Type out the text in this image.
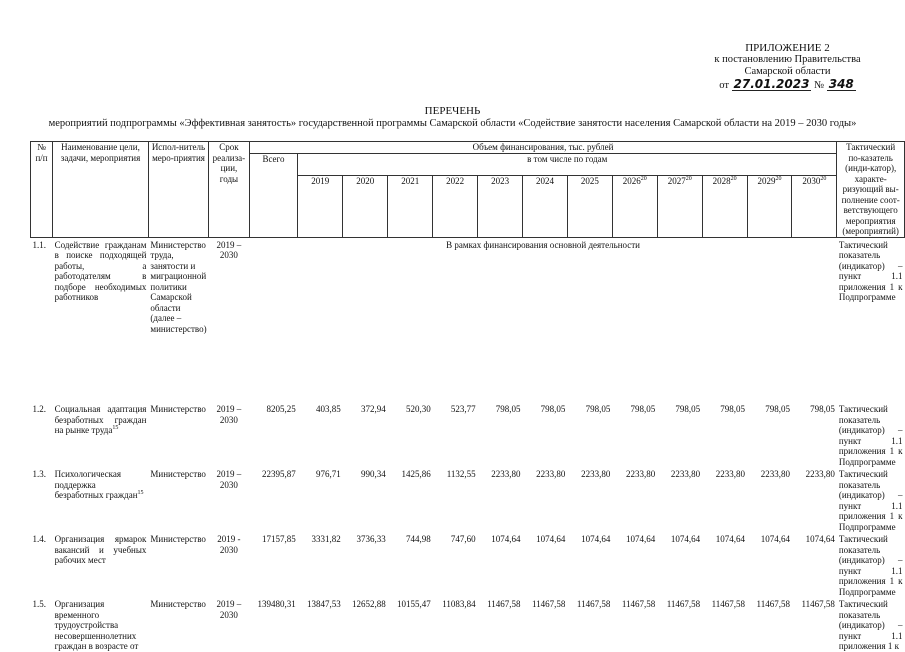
ПРИЛОЖЕНИЕ 2
к постановлению Правительства
Самарской области
от 27.01.2023 № 348
ПЕРЕЧЕНЬ
мероприятий подпрограммы «Эффективная занятость» государственной программы Самарской области «Содействие занятости населения Самарской области на 2019 – 2030 годы»
№ п/п	Наименование цели, задачи, мероприятия	Испол-нитель меро-приятия	Срок реализа-ции, годы	Объем финансирования, тыс. рублей													Тактический по-казатель (инди-катор), характе-ризующий вы-полнение соот-ветствующего мероприятия (мероприятий)
				Всего	в том числе по годам												
					2019	2020	2021	2022	2023	2024	2025	2026$^{20}$	2027$^{20}$	2028$^{20}$	2029$^{20}$	2030$^{20}$
1.1.	Содействие гражданам в поиске подходящей работы, а работодателям в подборе необходимых работников	Министерство труда, занятости и миграционной политики Самарской области (далее – министерство)	2019 – 2030	В рамках финансирования основной деятельности													Тактический показатель (индикатор) – пункт 1.1 приложения 1 к Подпрограмме
1.2.	Социальная адаптация безработных граждан на рынке труда$^{15}$	Министерство	2019 – 2030	8205,25	403,85	372,94	520,30	523,77	798,05	798,05	798,05	798,05	798,05	798,05	798,05	798,05	Тактический показатель (индикатор) – пункт 1.1 приложения 1 к Подпрограмме
1.3.	Психологическая поддержка безработных граждан$^{15}$	Министерство	2019 – 2030	22395,87	976,71	990,34	1425,86	1132,55	2233,80	2233,80	2233,80	2233,80	2233,80	2233,80	2233,80	2233,80	Тактический показатель (индикатор) – пункт 1.1 приложения 1 к Подпрограмме
1.4.	Организация ярмарок вакансий и учебных рабочих мест	Министерство	2019 - 2030	17157,85	3331,82	3736,33	744,98	747,60	1074,64	1074,64	1074,64	1074,64	1074,64	1074,64	1074,64	1074,64	Тактический показатель (индикатор) – пункт 1.1 приложения 1 к Подпрограмме
1.5.	Организация временного трудоустройства несовершеннолетних граждан в возрасте от	Министерство	2019 – 2030	139480,31	13847,53	12652,88	10155,47	11083,84	11467,58	11467,58	11467,58	11467,58	11467,58	11467,58	11467,58	11467,58	Тактический показатель (индикатор) – пункт 1.1 приложения 1 к
